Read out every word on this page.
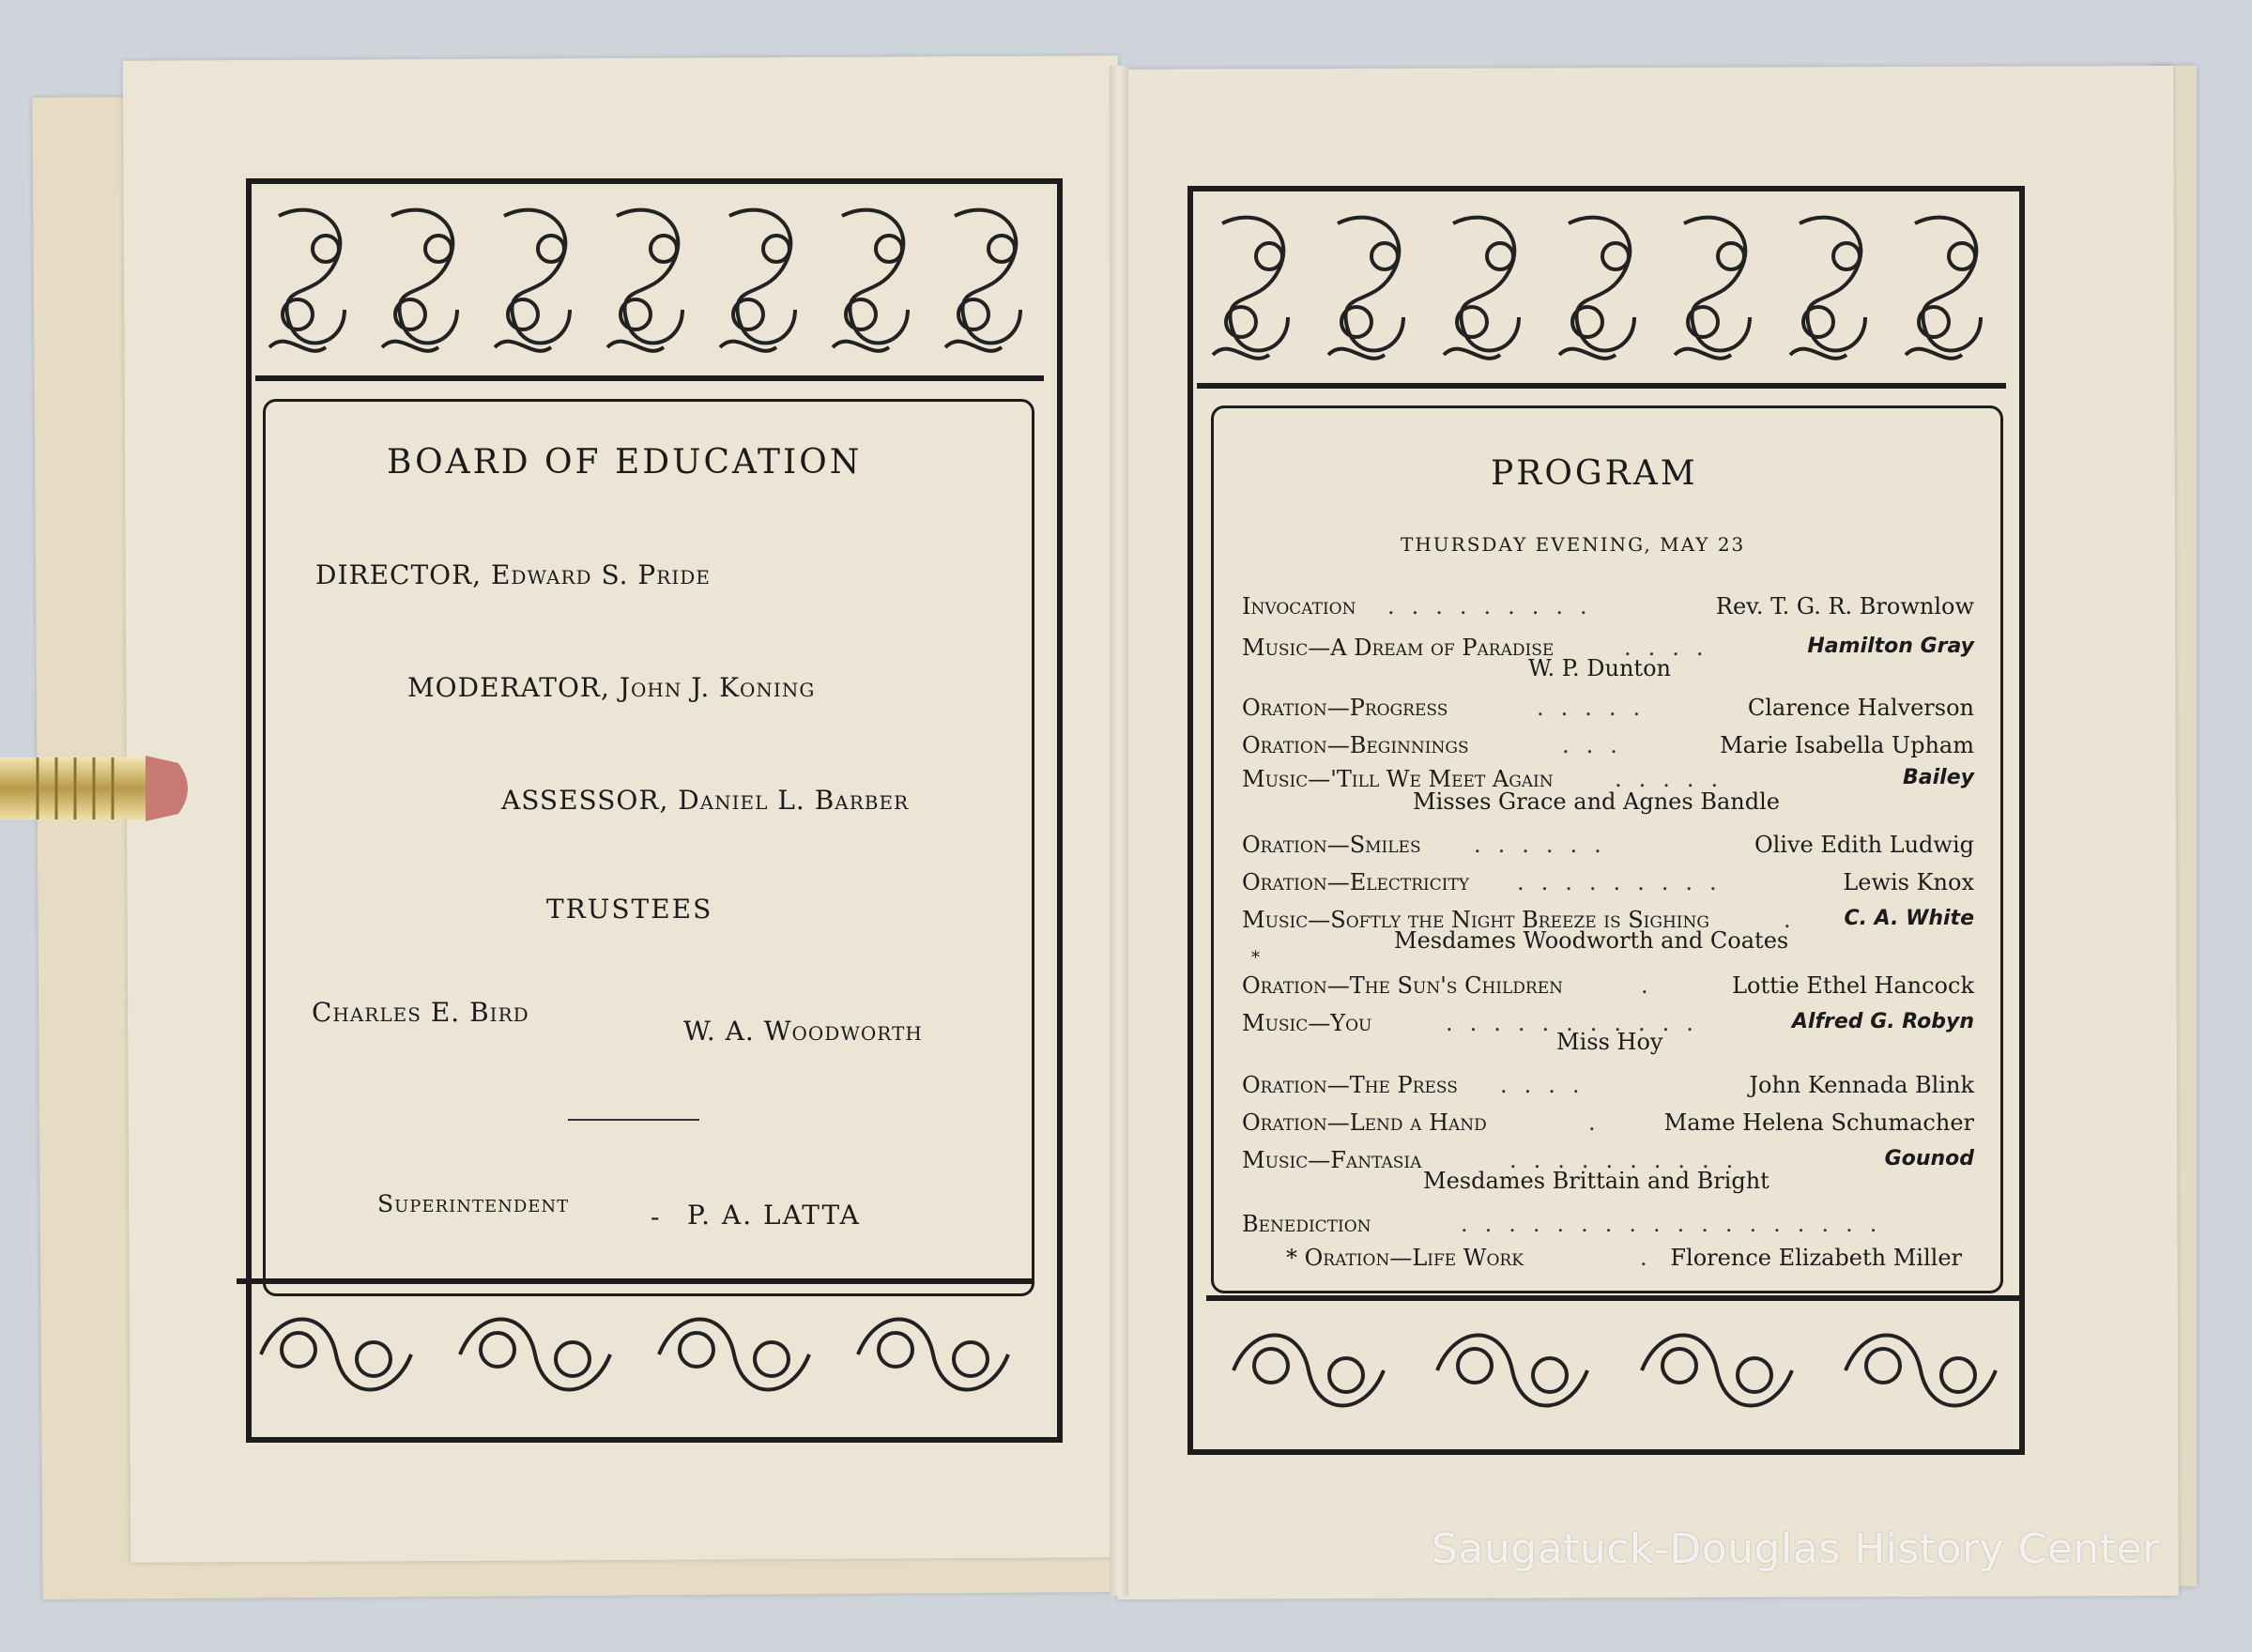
BOARD OF EDUCATION
DIRECTOR, Edward S. Pride
MODERATOR, John J. Koning
ASSESSOR, Daniel L. Barber
TRUSTEES
Charles E. Bird
W. A. Woodworth
Superintendent	- P. A. LATTA
PROGRAM
THURSDAY EVENING, MAY 23
Invocation .........	Rev. T. G. R. Brownlow
Music—A Dream of Paradise	....	Hamilton Gray
W. P. Dunton
Oration—Progress	.....	Clarence Halverson
Oration—Beginnings	...	Marie Isabella Upham
Music—'Till We Meet Again	.....	Bailey
Misses Grace and Agnes Bandle
Oration—Smiles ......	Olive Edith Ludwig
Oration—Electricity .........	Lewis Knox
Music—Softly the Night Breeze is Sighing	. C. A. White
Mesdames Woodworth and Coates
Oration—The Sun's Children	.	Lottie Ethel Hancock
Music—You	...........	Alfred G. Robyn
Miss Hoy
Oration—The Press ....	John Kennada Blink
Oration—Lend a Hand	. Mame Helena Schumacher
Music—Fantasia	..........	Gounod
Mesdames Brittain and Bright
Benediction	..................
* Oration—Life Work	. Florence Elizabeth Miller
*
Saugatuck-Douglas History Center
